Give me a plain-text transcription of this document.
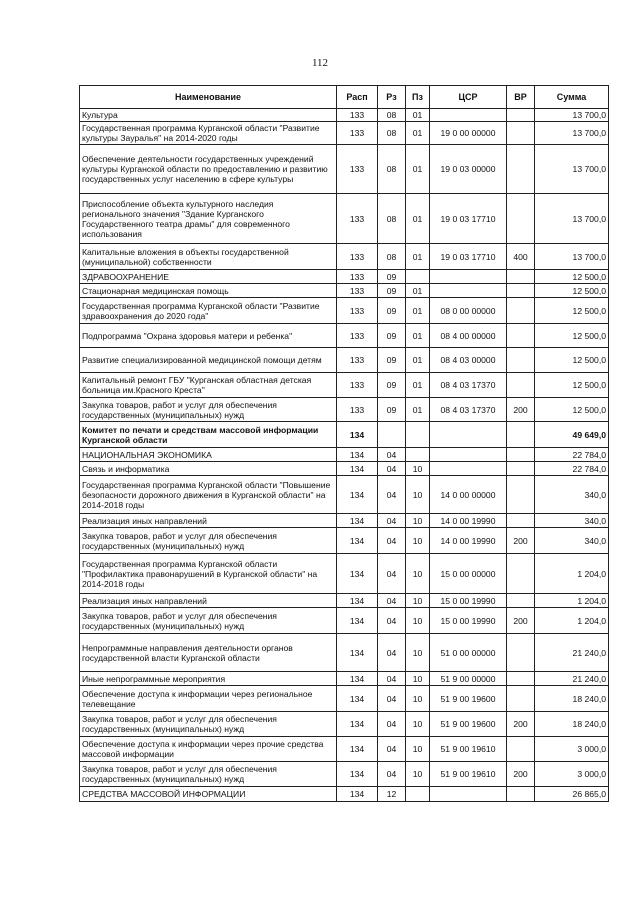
112
Наименование	Расп	Рз	Пз	ЦСР	ВР	Сумма
Культура	133	08	01			13 700,0
Государственная программа Курганской области "Развитие культуры Зауралья" на 2014-2020 годы	133	08	01	19 0 00 00000		13 700,0
Обеспечение деятельности государственных учреждений культуры Курганской области по предоставлению и развитию государственных услуг населению в сфере культуры	133	08	01	19 0 03 00000		13 700,0
Приспособление объекта культурного наследия регионального значения "Здание Курганского Государственного театра драмы" для современного использования	133	08	01	19 0 03 17710		13 700,0
Капитальные вложения в объекты государственной (муниципальной) собственности	133	08	01	19 0 03 17710	400	13 700,0
ЗДРАВООХРАНЕНИЕ	133	09				12 500,0
Стационарная медицинская помощь	133	09	01			12 500,0
Государственная программа Курганской области "Развитие здравоохранения до 2020 года"	133	09	01	08 0 00 00000		12 500,0
Подпрограмма "Охрана здоровья матери и ребенка"	133	09	01	08 4 00 00000		12 500,0
Развитие специализированной медицинской помощи детям	133	09	01	08 4 03 00000		12 500,0
Капитальный ремонт ГБУ "Курганская областная детская больница им.Красного Креста"	133	09	01	08 4 03 17370		12 500,0
Закупка товаров, работ и услуг для обеспечения государственных (муниципальных) нужд	133	09	01	08 4 03 17370	200	12 500,0
Комитет по печати и средствам массовой информации Курганской области	134					49 649,0
НАЦИОНАЛЬНАЯ ЭКОНОМИКА	134	04				22 784,0
Связь и информатика	134	04	10			22 784,0
Государственная программа Курганской области "Повышение безопасности дорожного движения в Курганской области" на 2014-2018 годы	134	04	10	14 0 00 00000		340,0
Реализация иных направлений	134	04	10	14 0 00 19990		340,0
Закупка товаров, работ и услуг для обеспечения государственных (муниципальных) нужд	134	04	10	14 0 00 19990	200	340,0
Государственная программа Курганской области "Профилактика правонарушений в Курганской области" на 2014-2018 годы	134	04	10	15 0 00 00000		1 204,0
Реализация иных направлений	134	04	10	15 0 00 19990		1 204,0
Закупка товаров, работ и услуг для обеспечения государственных (муниципальных) нужд	134	04	10	15 0 00 19990	200	1 204,0
Непрограммные направления деятельности органов государственной власти Курганской области	134	04	10	51 0 00 00000		21 240,0
Иные непрограммные мероприятия	134	04	10	51 9 00 00000		21 240,0
Обеспечение доступа к информации через региональное телевещание	134	04	10	51 9 00 19600		18 240,0
Закупка товаров, работ и услуг для обеспечения государственных (муниципальных) нужд	134	04	10	51 9 00 19600	200	18 240,0
Обеспечение доступа к информации через прочие средства массовой информации	134	04	10	51 9 00 19610		3 000,0
Закупка товаров, работ и услуг для обеспечения государственных (муниципальных) нужд	134	04	10	51 9 00 19610	200	3 000,0
СРЕДСТВА МАССОВОЙ ИНФОРМАЦИИ	134	12				26 865,0
